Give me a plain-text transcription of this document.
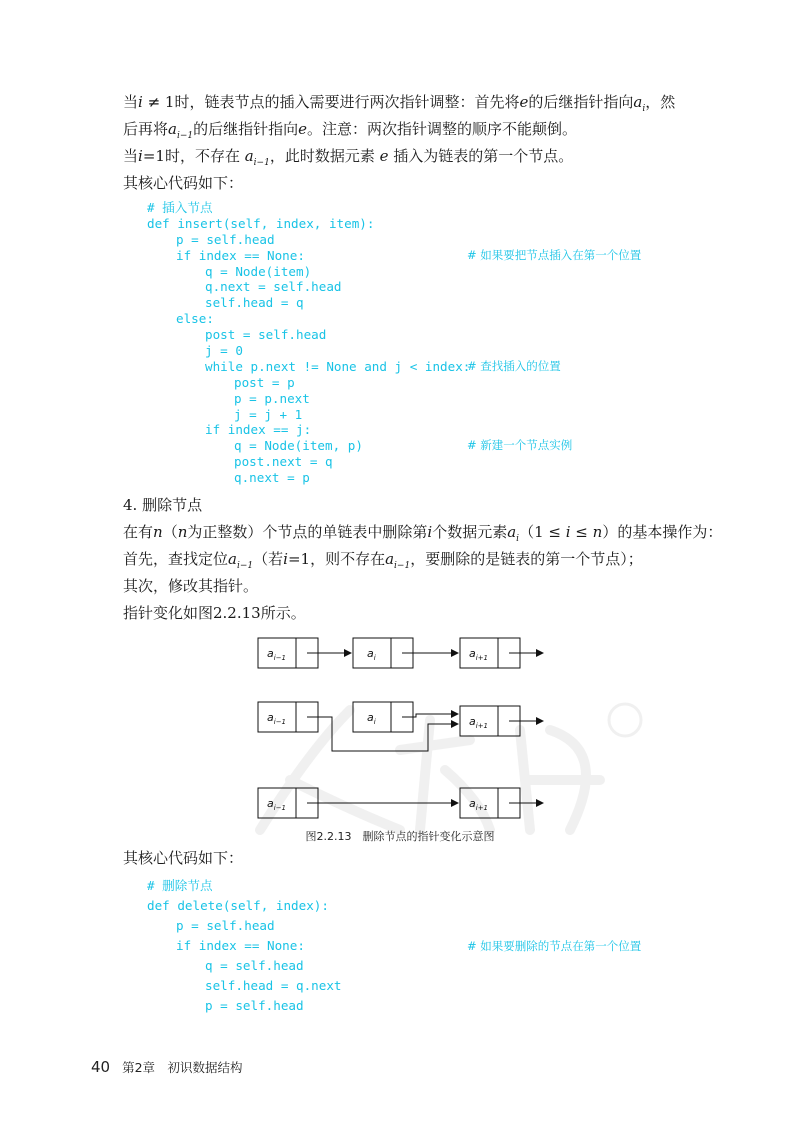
当i ≠ 1时，链表节点的插入需要进行两次指针调整：首先将e的后继指针指向$a_i$，然
后再将$a_{i-1}$的后继指针指向e。注意：两次指针调整的顺序不能颠倒。
当i=1时，不存在 $a_{i-1}$，此时数据元素 e 插入为链表的第一个节点。
其核心代码如下：
# 插入节点
def insert(self, index, item):
p = self.head
if index == None:	# 如果要把节点插入在第一个位置
q = Node(item)
q.next = self.head
self.head = q
else:
post = self.head
j = 0
while p.next != None and j < index:
# 查找插入的位置
post = p
p = p.next
j = j + 1
if index == j:
q = Node(item, p)	# 新建一个节点实例
post.next = q
q.next = p
4. 删除节点
在有n（n为正整数）个节点的单链表中删除第i个数据元素$a_i(1 \le i \le n)$的基本操作为：
首先，查找定位$a_{i-1}$（若i=1，则不存在$a_{i-1}$，要删除的是链表的第一个节点）；
其次，修改其指针。
指针变化如图2.2.13所示。
$a_{i-1}$	$a_i$	$a_{i+1}$
$a_{i-1}$	$a_i$	$a_{i+1}$
$a_{i-1}$	$a_{i+1}$
图2.2.13　删除节点的指针变化示意图
其核心代码如下：
# 删除节点
def delete(self, index):
p = self.head
if index == None:	# 如果要删除的节点在第一个位置
q = self.head
self.head = q.next
p = self.head
40 第2章　初识数据结构
